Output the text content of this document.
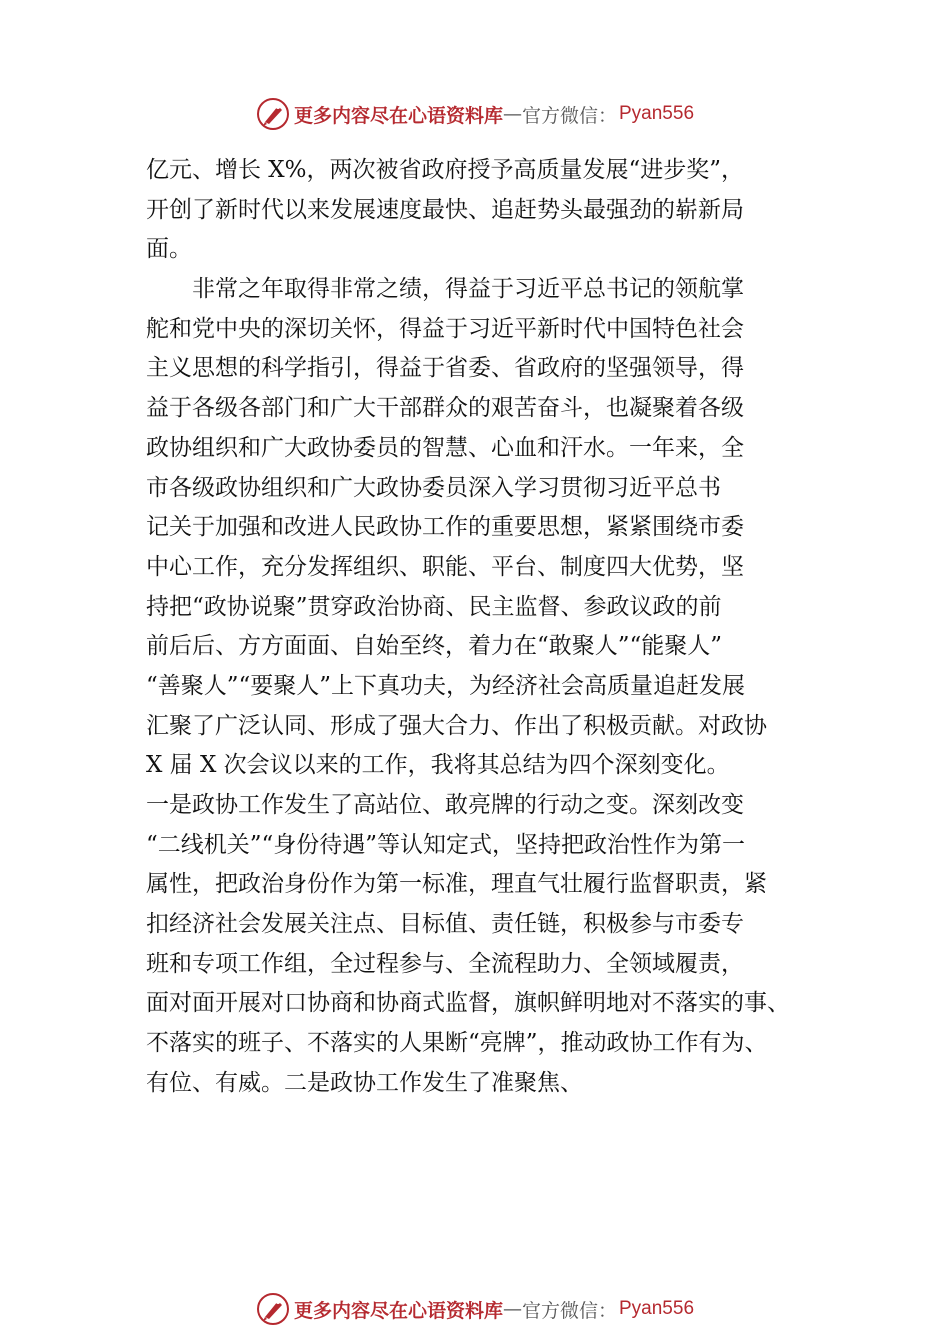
更多内容尽在心语资料库 — 官方微信： Pyan556
亿元、增长 X%，两次被省政府授予高质量发展“进步奖”，
开创了新时代以来发展速度最快、追赶势头最强劲的崭新局
面。
　　非常之年取得非常之绩，得益于习近平总书记的领航掌
舵和党中央的深切关怀，得益于习近平新时代中国特色社会
主义思想的科学指引，得益于省委、省政府的坚强领导，得
益于各级各部门和广大干部群众的艰苦奋斗，也凝聚着各级
政协组织和广大政协委员的智慧、心血和汗水。一年来，全
市各级政协组织和广大政协委员深入学习贯彻习近平总书
记关于加强和改进人民政协工作的重要思想，紧紧围绕市委
中心工作，充分发挥组织、职能、平台、制度四大优势，坚
持把“政协说聚”贯穿政治协商、民主监督、参政议政的前
前后后、方方面面、自始至终，着力在“敢聚人”“能聚人”
“善聚人”“要聚人”上下真功夫，为经济社会高质量追赶发展
汇聚了广泛认同、形成了强大合力、作出了积极贡献。对政协
X 届 X 次会议以来的工作，我将其总结为四个深刻变化。
一是政协工作发生了高站位、敢亮牌的行动之变。深刻改变
“二线机关”“身份待遇”等认知定式，坚持把政治性作为第一
属性，把政治身份作为第一标准，理直气壮履行监督职责，紧
扣经济社会发展关注点、目标值、责任链，积极参与市委专
班和专项工作组，全过程参与、全流程助力、全领域履责，
面对面开展对口协商和协商式监督，旗帜鲜明地对不落实的事、
不落实的班子、不落实的人果断“亮牌”，推动政协工作有为、
有位、有威。二是政协工作发生了准聚焦、
更多内容尽在心语资料库 — 官方微信： Pyan556
